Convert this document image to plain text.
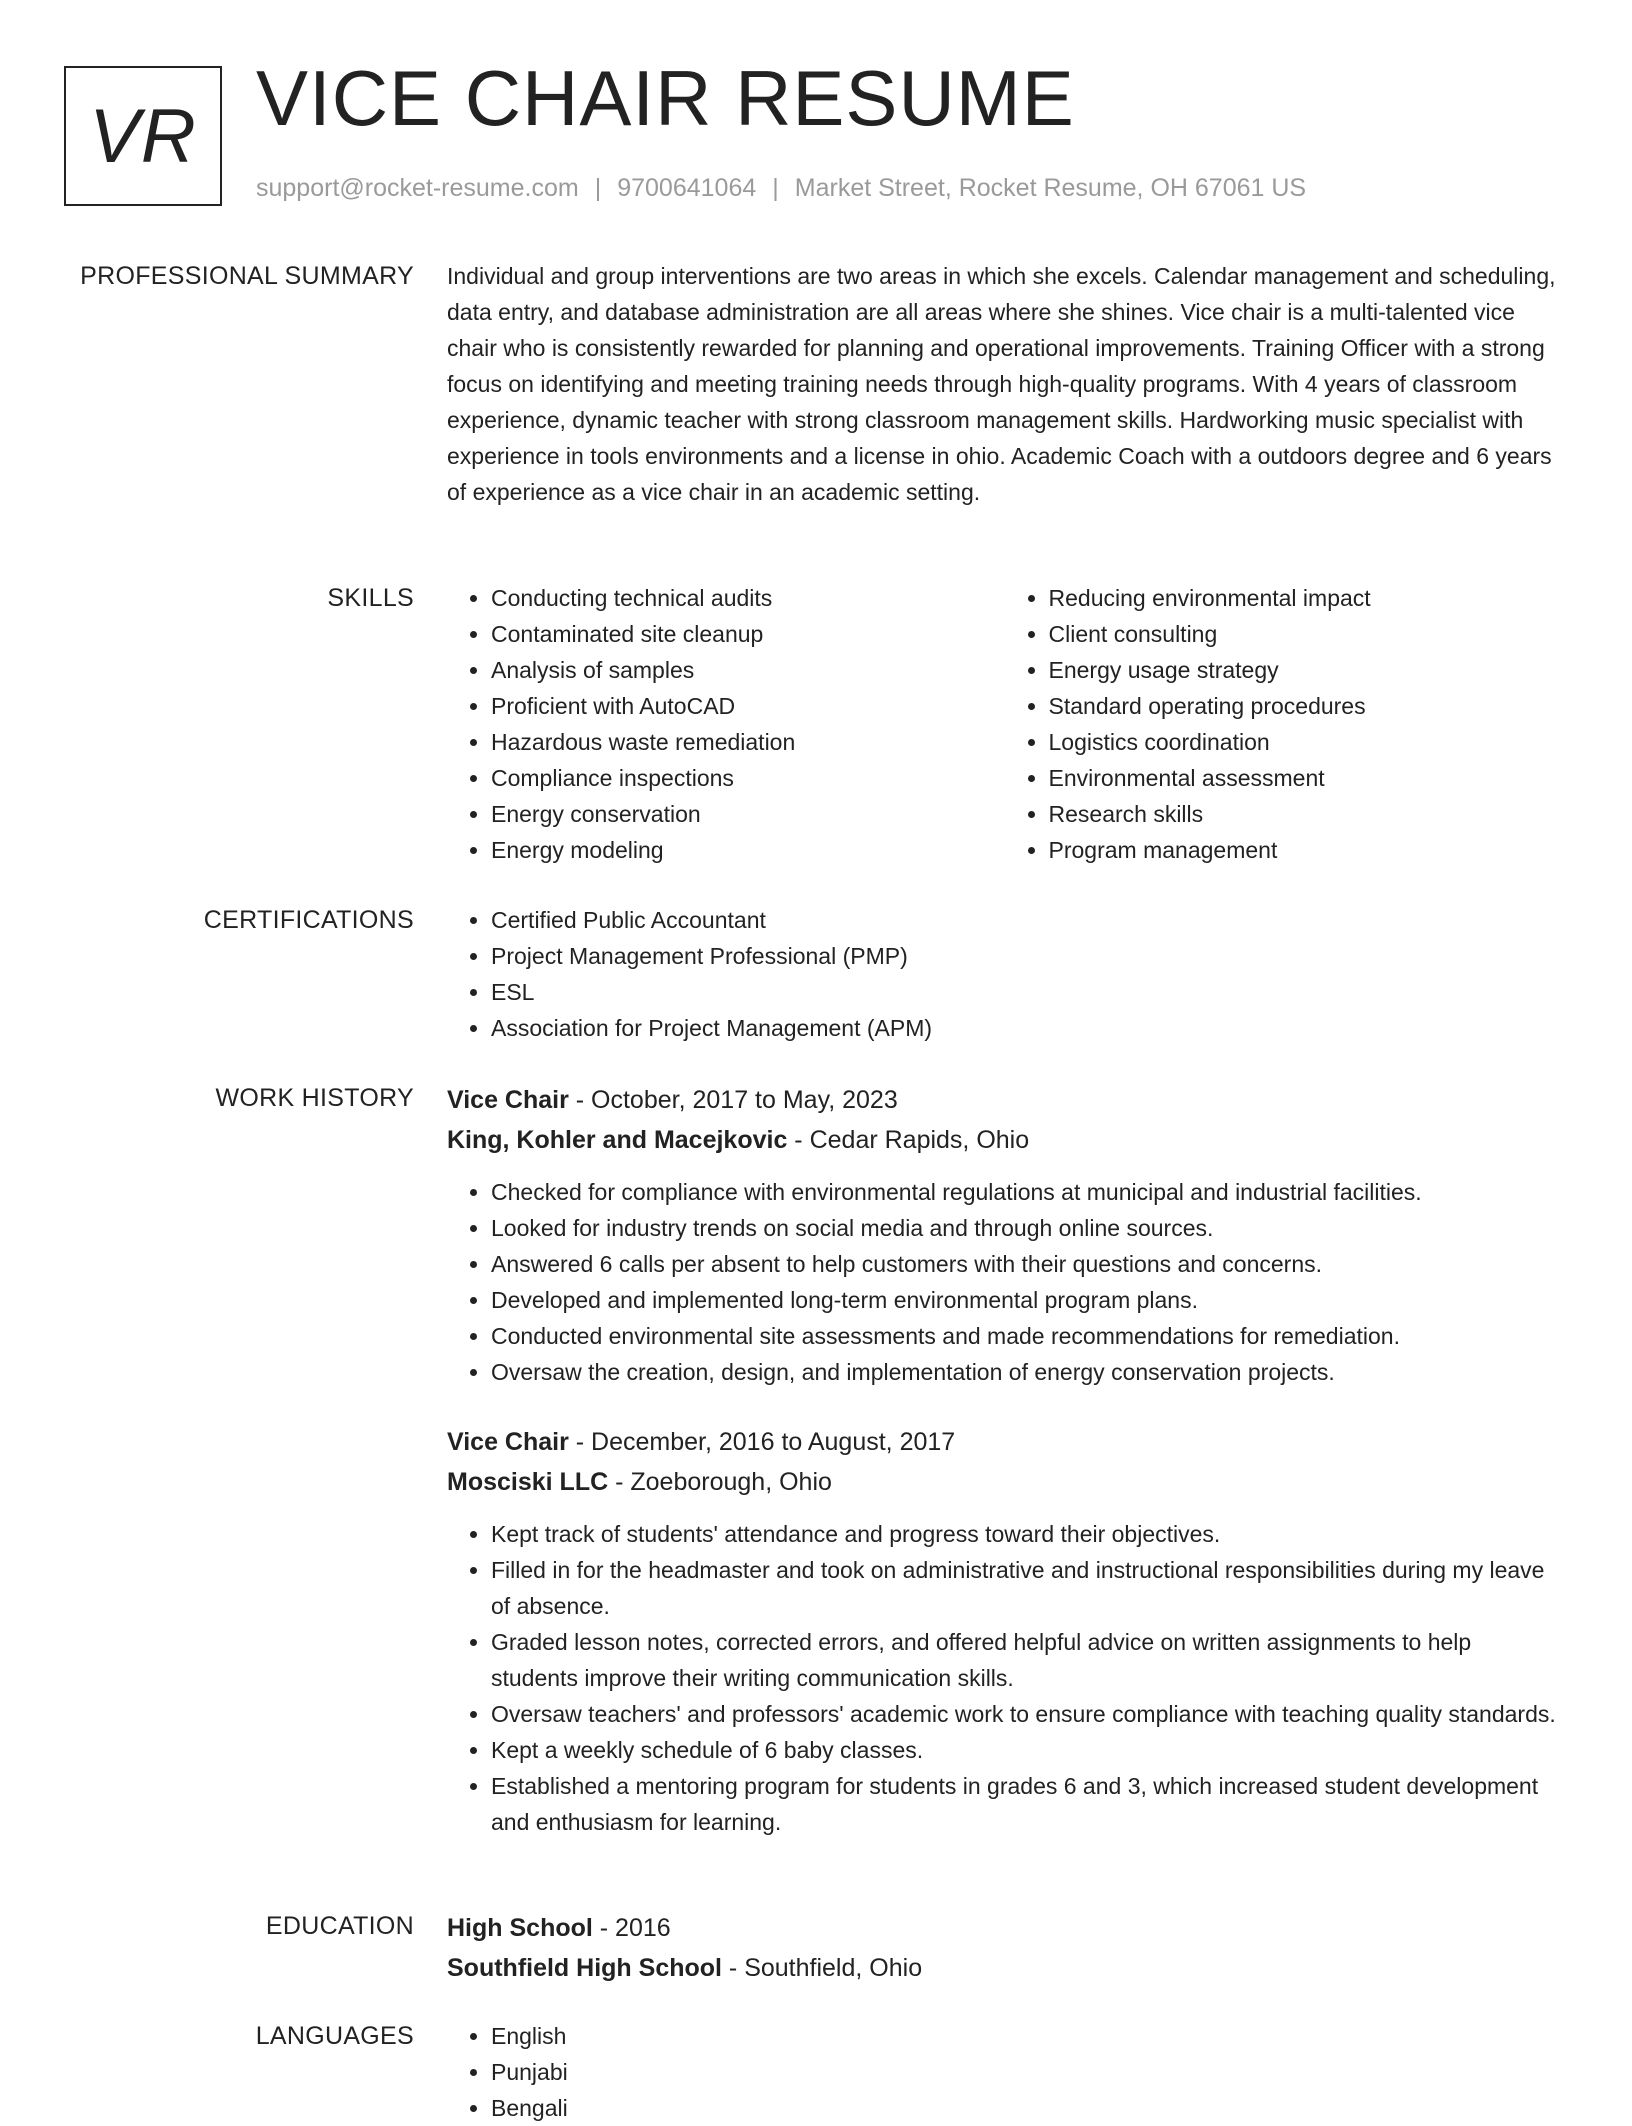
VR VICE CHAIR RESUME
support@rocket-resume.com | 9700641064 | Market Street, Rocket Resume, OH 67061 US
PROFESSIONAL SUMMARY Individual and group interventions are two areas in which she excels. Calendar management and scheduling, data entry, and database administration are all areas where she shines. Vice chair is a multi-talented vice chair who is consistently rewarded for planning and operational improvements. Training Officer with a strong focus on identifying and meeting training needs through high-quality programs. With 4 years of classroom experience, dynamic teacher with strong classroom management skills. Hardworking music specialist with experience in tools environments and a license in ohio. Academic Coach with a outdoors degree and 6 years of experience as a vice chair in an academic setting.

SKILLS	• Conducting technical audits
• Contaminated site cleanup
• Analysis of samples
• Proficient with AutoCAD
• Hazardous waste remediation
• Compliance inspections
• Energy conservation
• Energy modeling
• Reducing environmental impact
• Client consulting
• Energy usage strategy
• Standard operating procedures
• Logistics coordination
• Environmental assessment
• Research skills
• Program management
CERTIFICATIONS	• Certified Public Accountant
• Project Management Professional (PMP)
• ESL
• Association for Project Management (APM)
WORK HISTORY Vice Chair - October, 2017 to May, 2023
King, Kohler and Macejkovic - Cedar Rapids, Ohio
• Checked for compliance with environmental regulations at municipal and industrial facilities.
• Looked for industry trends on social media and through online sources.
• Answered 6 calls per absent to help customers with their questions and concerns.
• Developed and implemented long-term environmental program plans.
• Conducted environmental site assessments and made recommendations for remediation.
• Oversaw the creation, design, and implementation of energy conservation projects.
Vice Chair - December, 2016 to August, 2017
Mosciski LLC - Zoeborough, Ohio
• Kept track of students' attendance and progress toward their objectives.
• Filled in for the headmaster and took on administrative and instructional responsibilities during my leave of absence.
• Graded lesson notes, corrected errors, and offered helpful advice on written assignments to help students improve their writing communication skills.
• Oversaw teachers' and professors' academic work to ensure compliance with teaching quality standards.
• Kept a weekly schedule of 6 baby classes.
• Established a mentoring program for students in grades 6 and 3, which increased student development and enthusiasm for learning.
EDUCATION High School - 2016
Southfield High School - Southfield, Ohio
LANGUAGES	• English
• Punjabi
• Bengali
